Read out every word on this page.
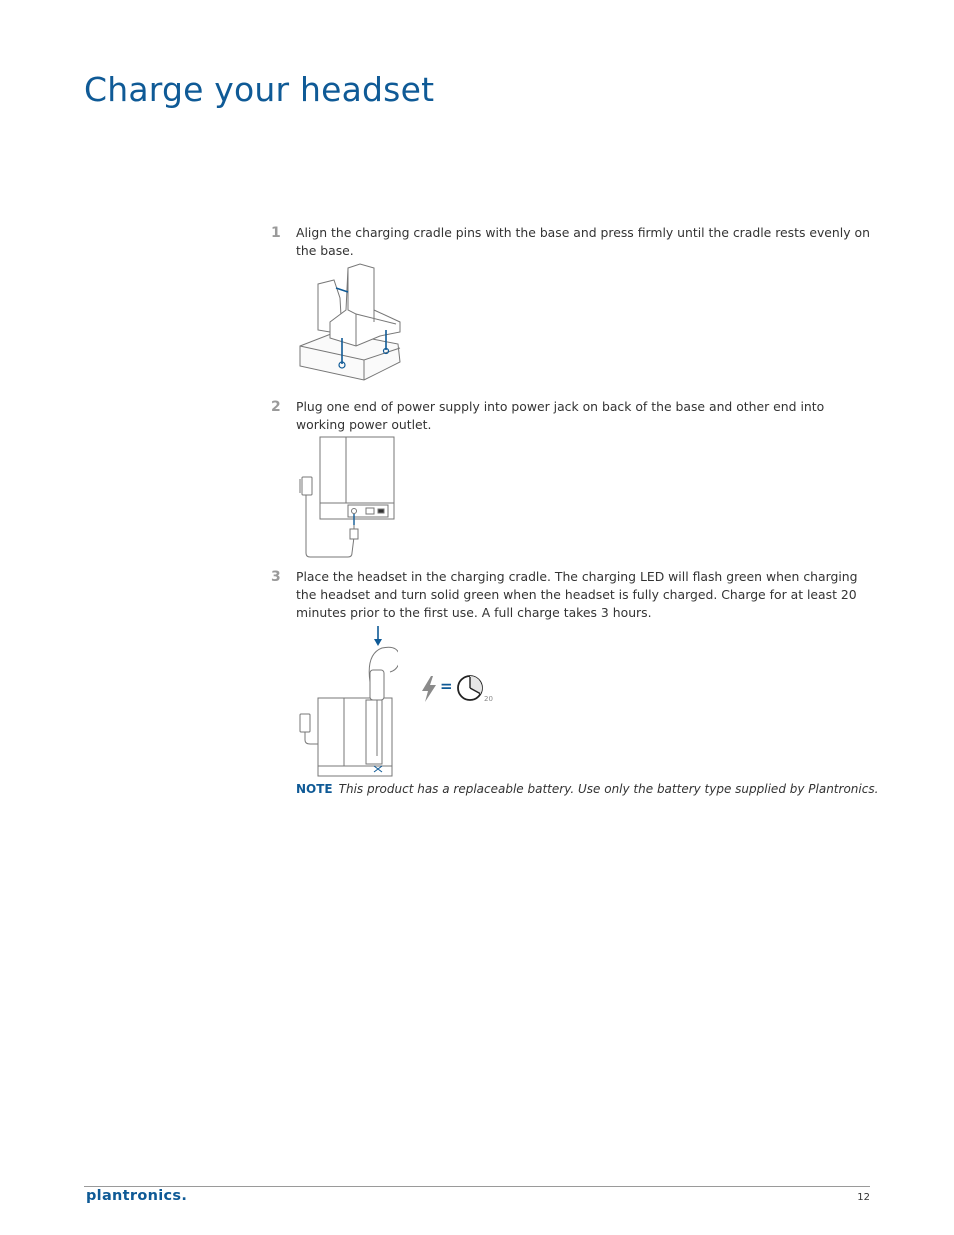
Charge your headset
1	Align the charging cradle pins with the base and press firmly until the cradle rests evenly on the base.
2	Plug one end of power supply into power jack on back of the base and other end into working power outlet.
3	Place the headset in the charging cradle. The charging LED will flash green when charging the headset and turn solid green when the headset is fully charged. Charge for at least 20 minutes prior to the first use. A full charge takes 3 hours.
=
20
NOTE This product has a replaceable battery. Use only the battery type supplied by Plantronics.
plantronics.	12
